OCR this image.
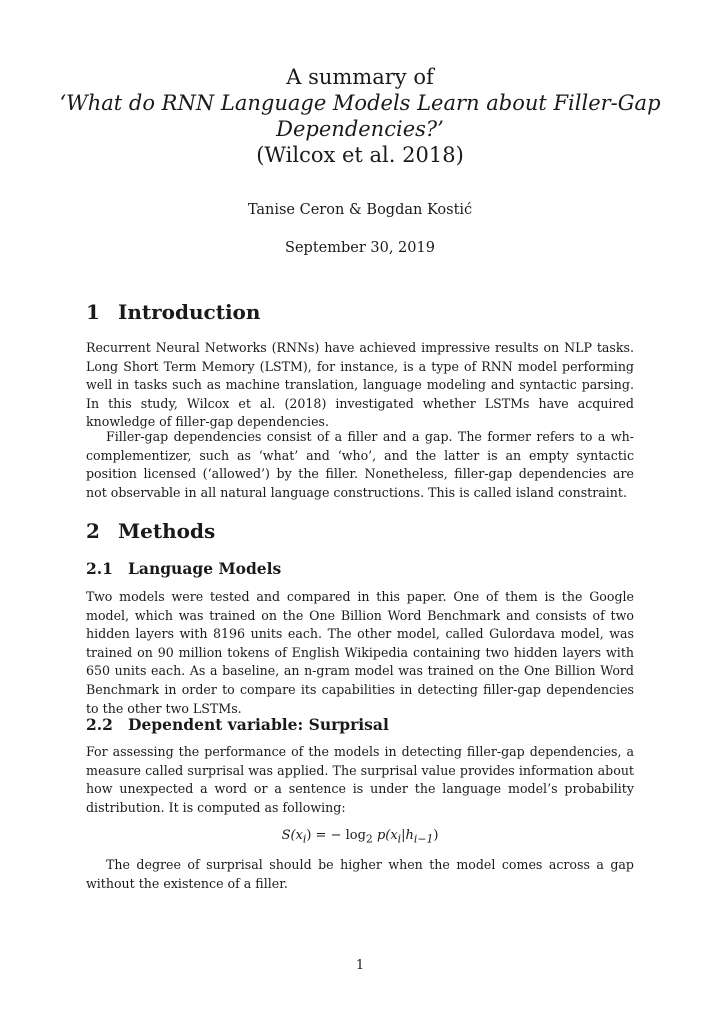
A summary of
‘What do RNN Language Models Learn about Filler-Gap
Dependencies?’
(Wilcox et al. 2018)
Tanise Ceron & Bogdan Kostić
September 30, 2019
1 Introduction
Recurrent Neural Networks (RNNs) have achieved impressive results on NLP tasks. Long Short Term Memory (LSTM), for instance, is a type of RNN model performing well in tasks such as machine translation, language modeling and syntactic parsing. In this study, Wilcox et al. (2018) investigated whether LSTMs have acquired knowledge of filler-gap dependencies.
Filler-gap dependencies consist of a filler and a gap. The former refers to a wh-complementizer, such as ‘what’ and ‘who’, and the latter is an empty syntactic position licensed (‘allowed’) by the filler. Nonetheless, filler-gap dependencies are not observable in all natural language constructions. This is called island constraint.
2 Methods
2.1 Language Models
Two models were tested and compared in this paper. One of them is the Google model, which was trained on the One Billion Word Benchmark and consists of two hidden layers with 8196 units each. The other model, called Gulordava model, was trained on 90 million tokens of English Wikipedia containing two hidden layers with 650 units each. As a baseline, an n-gram model was trained on the One Billion Word Benchmark in order to compare its capabilities in detecting filler-gap dependencies to the other two LSTMs.
2.2 Dependent variable: Surprisal
For assessing the performance of the models in detecting filler-gap dependencies, a measure called surprisal was applied. The surprisal value provides information about how unexpected a word or a sentence is under the language model’s probability distribution. It is computed as following:
$S(x_i)$ = − $\log_2 p(x_i|h_{i-1})$
The degree of surprisal should be higher when the model comes across a gap without the existence of a filler.
1
